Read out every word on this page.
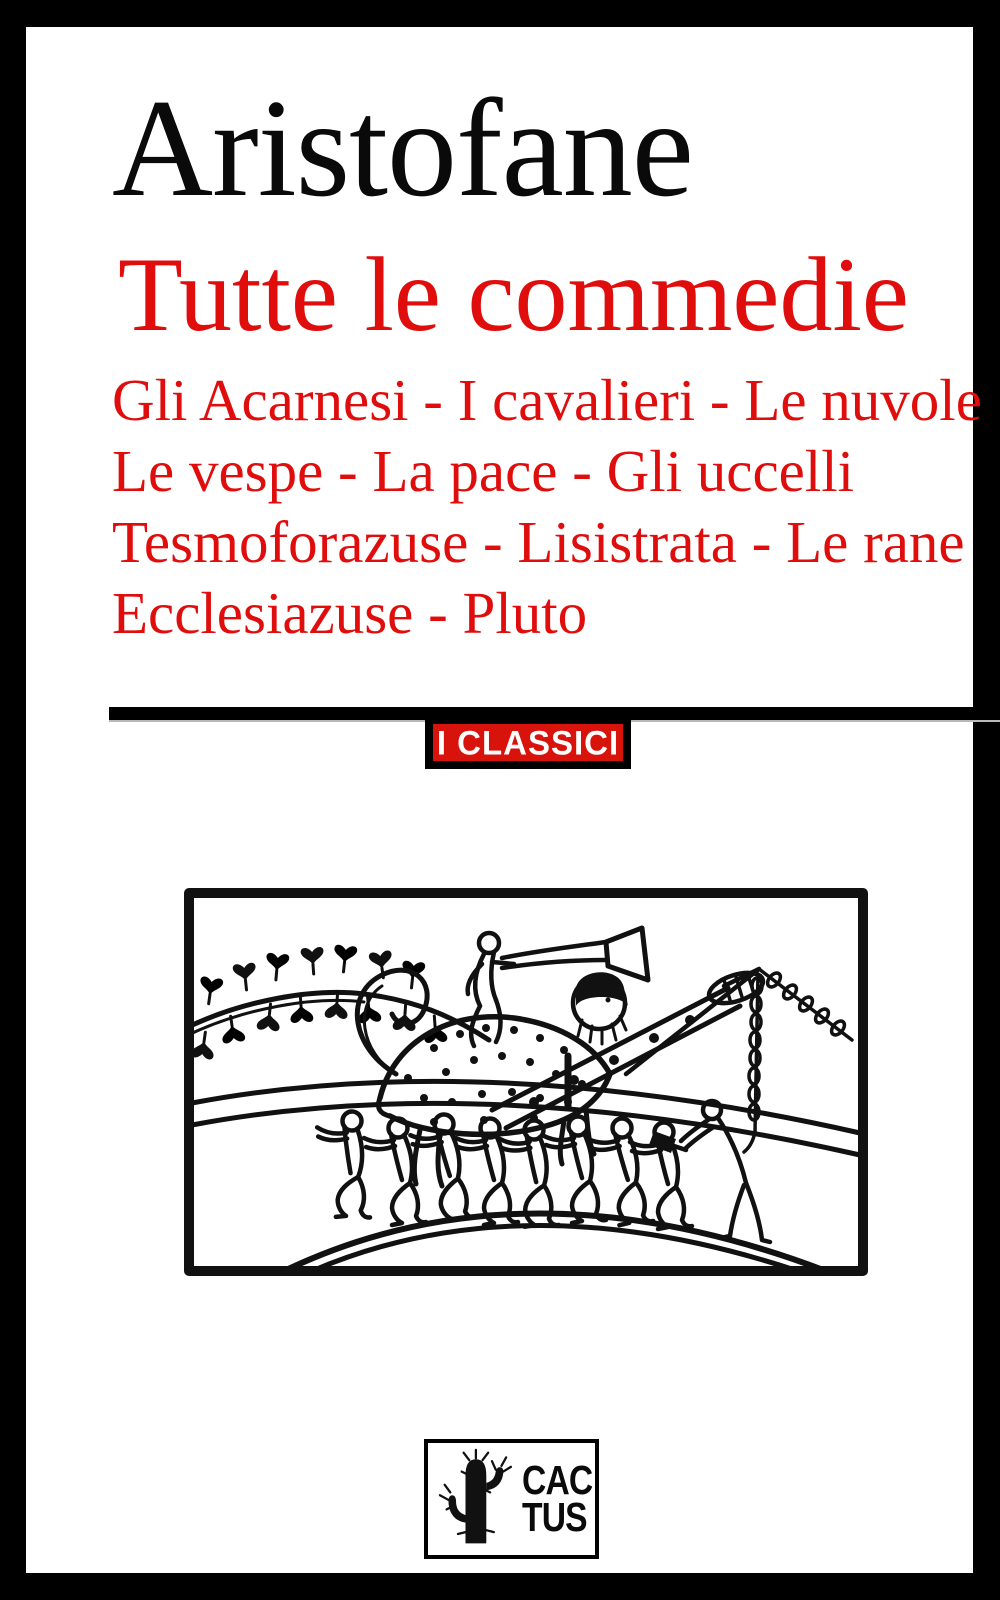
Aristofane
Tutte le commedie
Gli Acarnesi - I cavalieri - Le nuvole
Le vespe - La pace - Gli uccelli
Tesmoforazuse - Lisistrata - Le rane
Ecclesiazuse - Pluto
I CLASSICI
CAC
TUS
